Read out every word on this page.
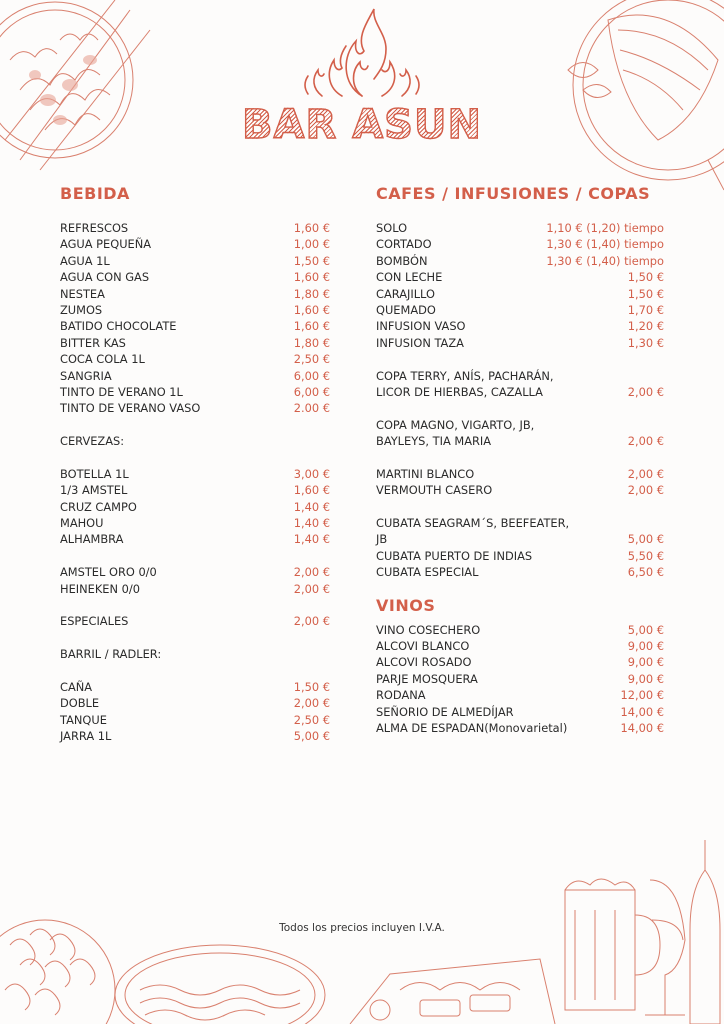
BAR ASUN
BEBIDA
REFRESCOS	1,60 €
AGUA PEQUEÑA	1,00 €
AGUA 1L	1,50 €
AGUA CON GAS	1,60 €
NESTEA	1,80 €
ZUMOS	1,60 €
BATIDO CHOCOLATE	1,60 €
BITTER KAS	1,80 €
COCA COLA 1L	2,50 €
SANGRIA	6,00 €
TINTO DE VERANO 1L	6,00 €
TINTO DE VERANO VASO	2.00 €
CERVEZAS:
BOTELLA 1L	3,00 €
1/3 AMSTEL	1,60 €
CRUZ CAMPO	1,40 €
MAHOU	1,40 €
ALHAMBRA	1,40 €
AMSTEL ORO 0/0	2,00 €
HEINEKEN 0/0	2,00 €
ESPECIALES	2,00 €
BARRIL / RADLER:
CAÑA	1,50 €
DOBLE	2,00 €
TANQUE	2,50 €
JARRA 1L	5,00 €
CAFES / INFUSIONES / COPAS
SOLO	1,10 € (1,20) tiempo
CORTADO	1,30 € (1,40) tiempo
BOMBÓN	1,30 € (1,40) tiempo
CON LECHE	1,50 €
CARAJILLO	1,50 €
QUEMADO	1,70 €
INFUSION VASO	1,20 €
INFUSION TAZA	1,30 €
COPA TERRY, ANÍS, PACHARÁN,
LICOR DE HIERBAS, CAZALLA	2,00 €
COPA MAGNO, VIGARTO, JB,
BAYLEYS, TIA MARIA	2,00 €
MARTINI BLANCO	2,00 €
VERMOUTH CASERO	2,00 €
CUBATA SEAGRAM´S, BEEFEATER,
JB	5,00 €
CUBATA PUERTO DE INDIAS	5,50 €
CUBATA ESPECIAL	6,50 €
VINOS
VINO COSECHERO	5,00 €
ALCOVI BLANCO	9,00 €
ALCOVI ROSADO	9,00 €
PARJE MOSQUERA	9,00 €
RODANA	12,00 €
SEÑORIO DE ALMEDÍJAR	14,00 €
ALMA DE ESPADAN(Monovarietal)	14,00 €
Todos los precios incluyen I.V.A.
